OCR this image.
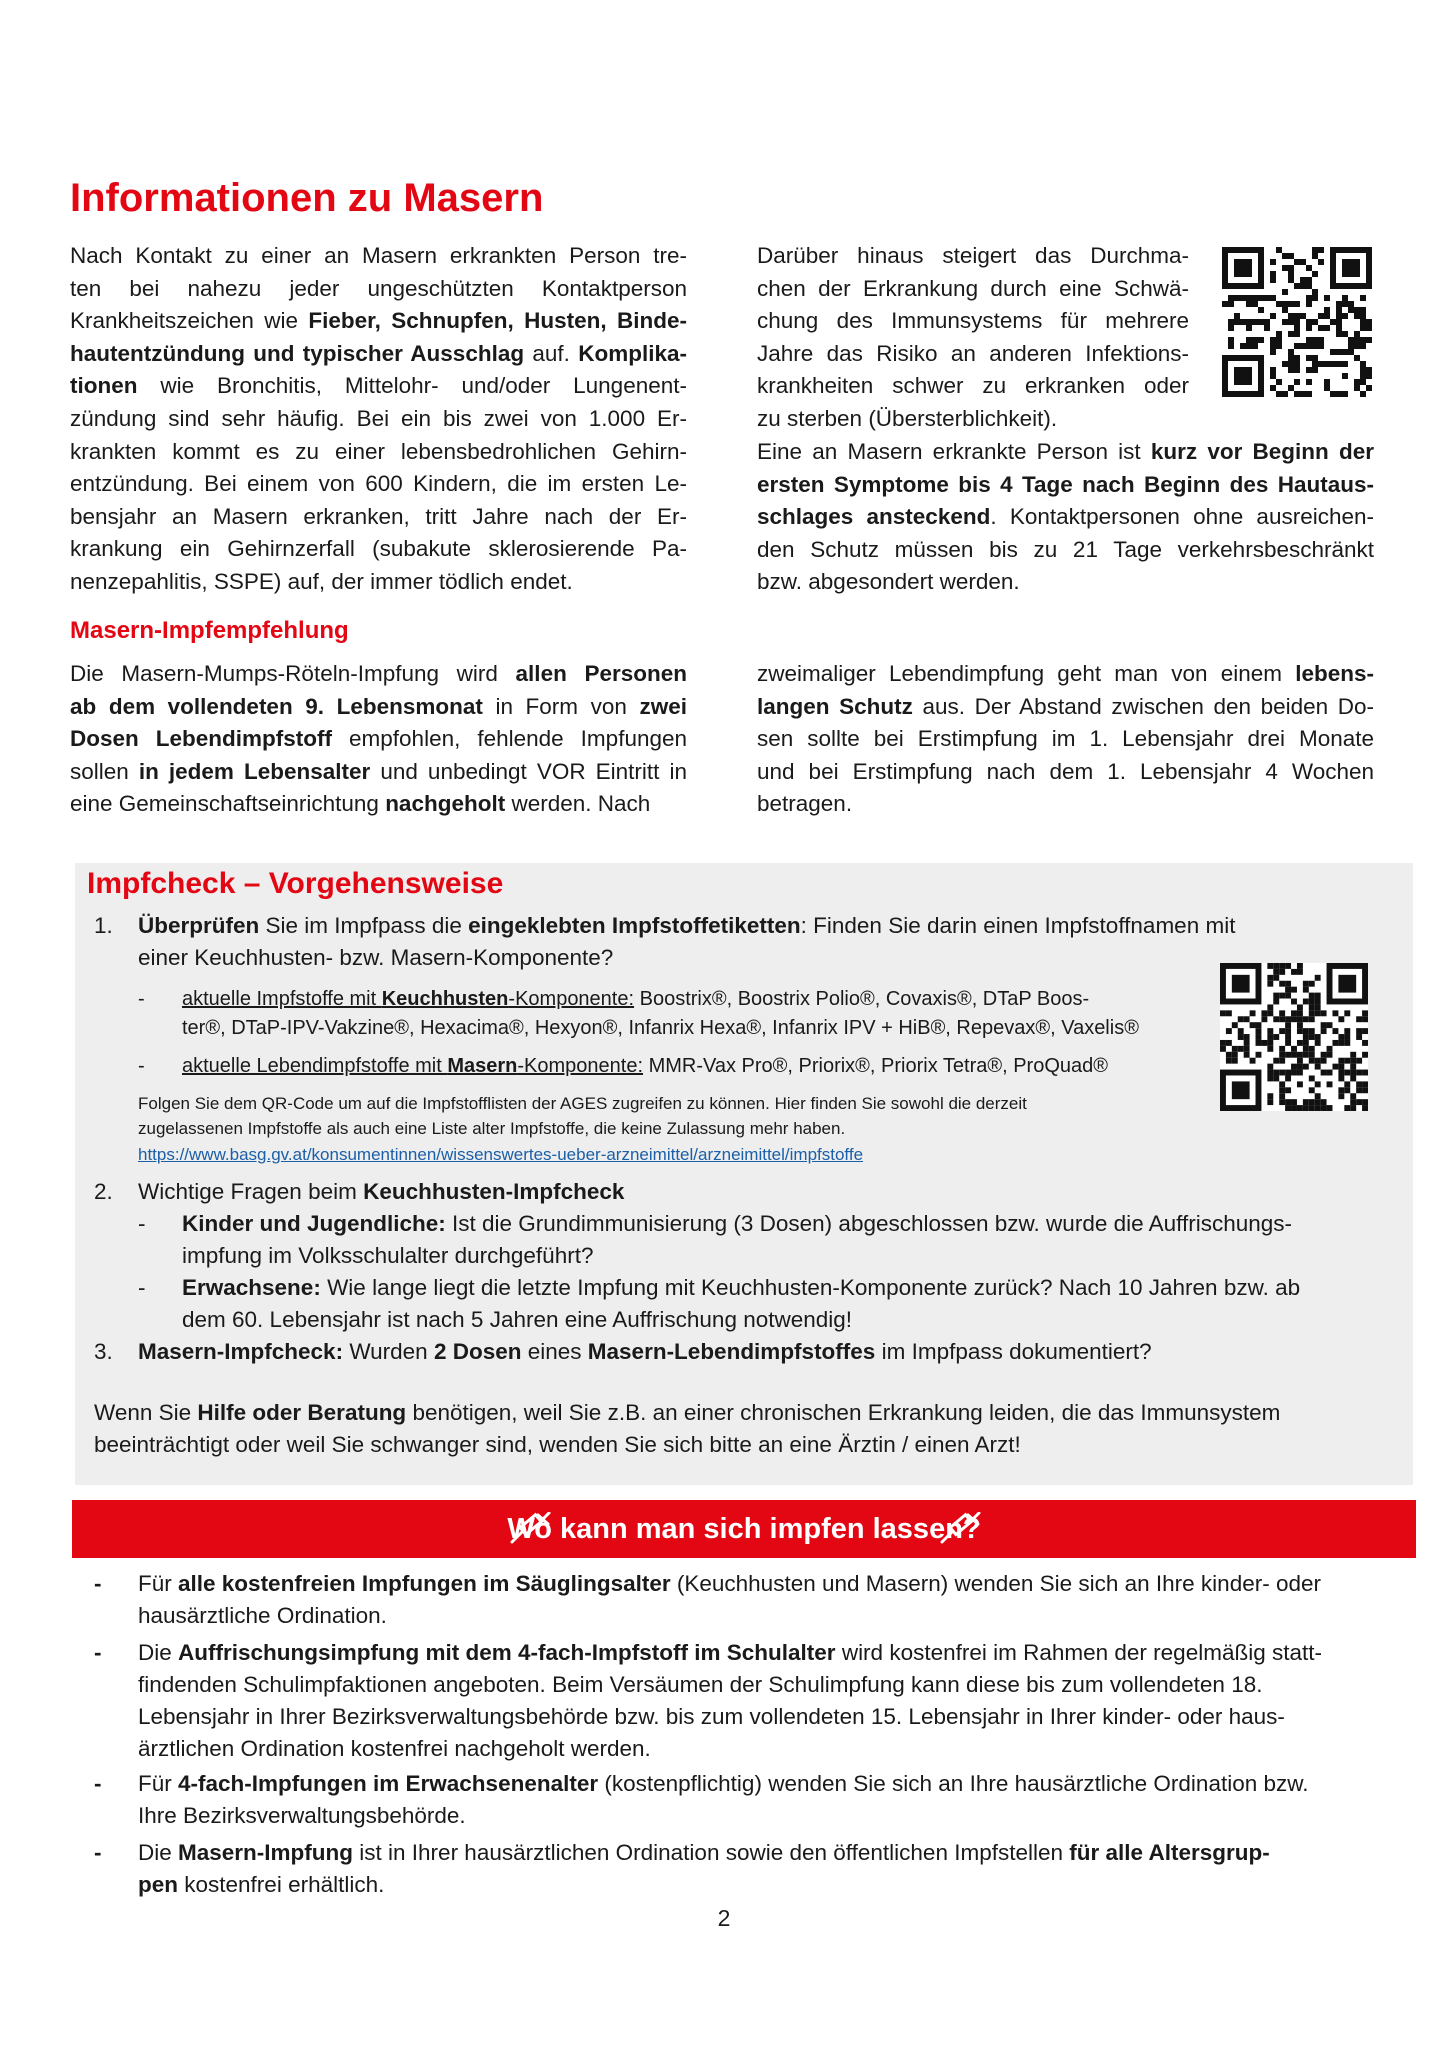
Informationen zu Masern
Nach Kontakt zu einer an Masern erkrankten Person tre-
ten bei nahezu jeder ungeschützten Kontaktperson
Krankheitszeichen wie Fieber, Schnupfen, Husten, Binde-
hautentzündung und typischer Ausschlag auf. Komplika-
tionen wie Bronchitis, Mittelohr- und/oder Lungenent-
zündung sind sehr häufig. Bei ein bis zwei von 1.000 Er-
krankten kommt es zu einer lebensbedrohlichen Gehirn-
entzündung. Bei einem von 600 Kindern, die im ersten Le-
bensjahr an Masern erkranken, tritt Jahre nach der Er-
krankung ein Gehirnzerfall (subakute sklerosierende Pa-
nenzepahlitis, SSPE) auf, der immer tödlich endet.
Darüber hinaus steigert das Durchma-
chen der Erkrankung durch eine Schwä-
chung des Immunsystems für mehrere
Jahre das Risiko an anderen Infektions-
krankheiten schwer zu erkranken oder
zu sterben (Übersterblichkeit).
Eine an Masern erkrankte Person ist kurz vor Beginn der
ersten Symptome bis 4 Tage nach Beginn des Hautaus-
schlages ansteckend. Kontaktpersonen ohne ausreichen-
den Schutz müssen bis zu 21 Tage verkehrsbeschränkt
bzw. abgesondert werden.
Masern-Impfempfehlung
Die Masern-Mumps-Röteln-Impfung wird allen Personen
ab dem vollendeten 9. Lebensmonat in Form von zwei
Dosen Lebendimpfstoff empfohlen, fehlende Impfungen
sollen in jedem Lebensalter und unbedingt VOR Eintritt in
eine Gemeinschaftseinrichtung nachgeholt werden. Nach
zweimaliger Lebendimpfung geht man von einem lebens-
langen Schutz aus. Der Abstand zwischen den beiden Do-
sen sollte bei Erstimpfung im 1. Lebensjahr drei Monate
und bei Erstimpfung nach dem 1. Lebensjahr 4 Wochen
betragen.
Impfcheck – Vorgehensweise
1. Überprüfen Sie im Impfpass die eingeklebten Impfstoffetiketten: Finden Sie darin einen Impfstoffnamen mit
einer Keuchhusten- bzw. Masern-Komponente?
- aktuelle Impfstoffe mit Keuchhusten-Komponente: Boostrix®, Boostrix Polio®, Covaxis®, DTaP Boos-
ter®, DTaP-IPV-Vakzine®, Hexacima®, Hexyon®, Infanrix Hexa®, Infanrix IPV + HiB®, Repevax®, Vaxelis®
- aktuelle Lebendimpfstoffe mit Masern-Komponente: MMR-Vax Pro®, Priorix®, Priorix Tetra®, ProQuad®
Folgen Sie dem QR-Code um auf die Impfstofflisten der AGES zugreifen zu können. Hier finden Sie sowohl die derzeit
zugelassenen Impfstoffe als auch eine Liste alter Impfstoffe, die keine Zulassung mehr haben.
https://www.basg.gv.at/konsumentinnen/wissenswertes-ueber-arzneimittel/arzneimittel/impfstoffe
2. Wichtige Fragen beim Keuchhusten-Impfcheck
- Kinder und Jugendliche: Ist die Grundimmunisierung (3 Dosen) abgeschlossen bzw. wurde die Auffrischungs-
impfung im Volksschulalter durchgeführt?
- Erwachsene: Wie lange liegt die letzte Impfung mit Keuchhusten-Komponente zurück? Nach 10 Jahren bzw. ab
dem 60. Lebensjahr ist nach 5 Jahren eine Auffrischung notwendig!
3. Masern-Impfcheck: Wurden 2 Dosen eines Masern-Lebendimpfstoffes im Impfpass dokumentiert?
Wenn Sie Hilfe oder Beratung benötigen, weil Sie z.B. an einer chronischen Erkrankung leiden, die das Immunsystem
beeinträchtigt oder weil Sie schwanger sind, wenden Sie sich bitte an eine Ärztin / einen Arzt!
Wo kann man sich impfen lassen?
- Für alle kostenfreien Impfungen im Säuglingsalter (Keuchhusten und Masern) wenden Sie sich an Ihre kinder- oder
hausärztliche Ordination.
- Die Auffrischungsimpfung mit dem 4-fach-Impfstoff im Schulalter wird kostenfrei im Rahmen der regelmäßig statt-
findenden Schulimpfaktionen angeboten. Beim Versäumen der Schulimpfung kann diese bis zum vollendeten 18.
Lebensjahr in Ihrer Bezirksverwaltungsbehörde bzw. bis zum vollendeten 15. Lebensjahr in Ihrer kinder- oder haus-
ärztlichen Ordination kostenfrei nachgeholt werden.
- Für 4-fach-Impfungen im Erwachsenenalter (kostenpflichtig) wenden Sie sich an Ihre hausärztliche Ordination bzw.
Ihre Bezirksverwaltungsbehörde.
- Die Masern-Impfung ist in Ihrer hausärztlichen Ordination sowie den öffentlichen Impfstellen für alle Altersgrup-
pen kostenfrei erhältlich.
2
